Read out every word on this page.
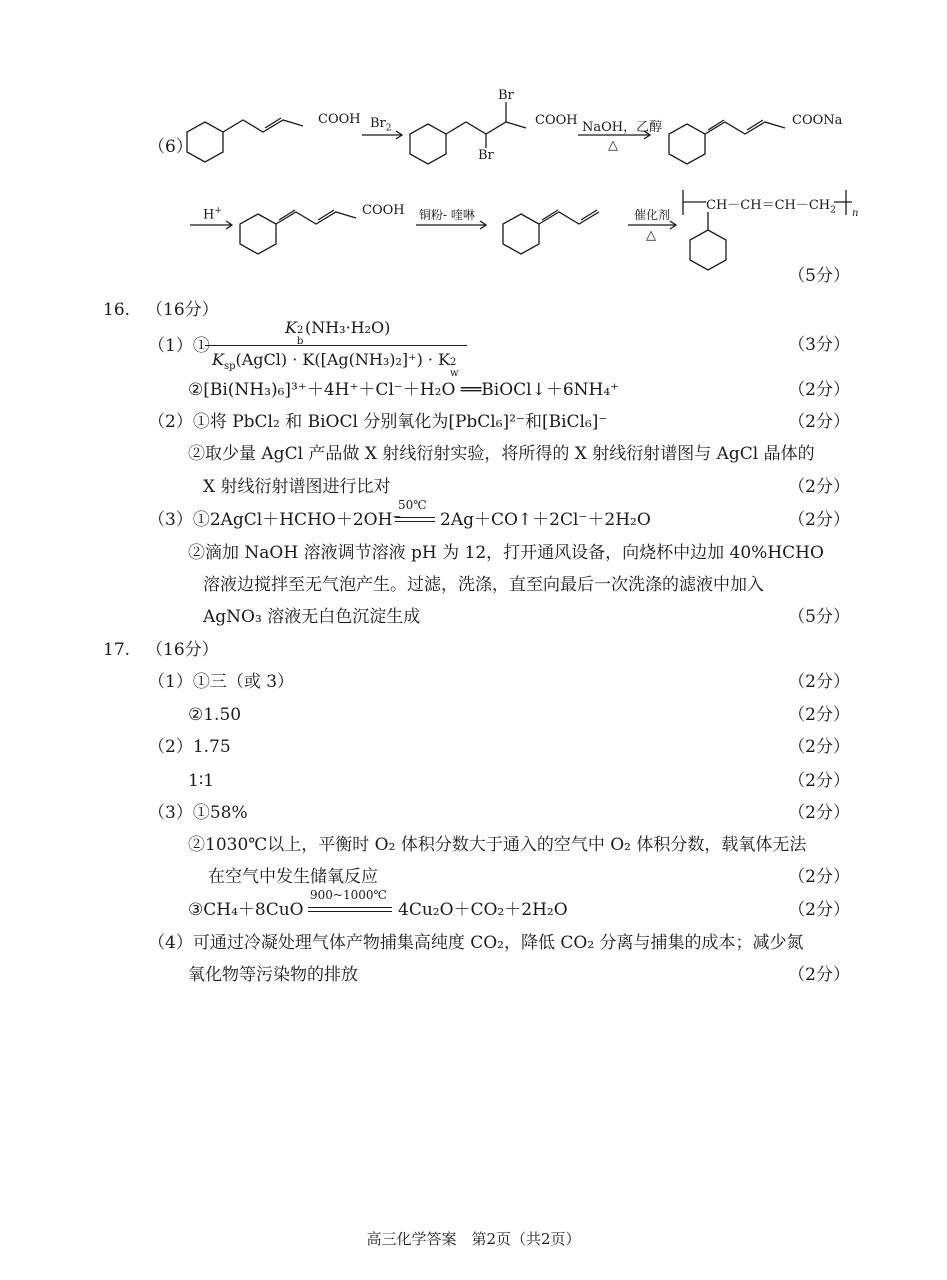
（6）
COOH $Br_2$
Br
Br
COOH NaOH，乙醇
△
COONa
H+	COOH 铜粉- 喹啉	催化剂
△
$CH-CH=CH-CH_2$ n
（5分）
16. （16分）
（1）①
K 2
b
(NH₃·H₂O)
$K_{sp}(AgCl) \cdot K([Ag(NH_3)_2]^+) \cdot K$ 2
w
（3分）
②[Bi(NH₃)₆]³⁺＋4H⁺＋Cl⁻＋H₂O ══BiOCl↓＋6NH₄⁺	（2分）
（2）①将 PbCl₂ 和 BiOCl 分别氧化为[PbCl₆]²⁻和[BiCl₆]⁻	（2分）
②取少量 AgCl 产品做 X 射线衍射实验，将所得的 X 射线衍射谱图与 AgCl 晶体的
X 射线衍射谱图进行比对	（2分）
（3）①2AgCl＋HCHO＋2OH⁻
50℃
2Ag＋CO↑＋2Cl⁻＋2H₂O	（2分）
②滴加 NaOH 溶液调节溶液 pH 为 12，打开通风设备，向烧杯中边加 40%HCHO
溶液边搅拌至无气泡产生。过滤，洗涤，直至向最后一次洗涤的滤液中加入
AgNO₃ 溶液无白色沉淀生成	（5分）
17. （16分）
（1）①三（或 3）	（2分）
②1.50	（2分）
（2）1.75	（2分）
1∶1	（2分）
（3）①58%	（2分）
②1030℃以上，平衡时 O₂ 体积分数大于通入的空气中 O₂ 体积分数，载氧体无法
在空气中发生储氧反应	（2分）
③CH₄＋8CuO
900~1000℃
4Cu₂O＋CO₂＋2H₂O	（2分）
（4）可通过冷凝处理气体产物捕集高纯度 CO₂，降低 CO₂ 分离与捕集的成本；减少氮
氧化物等污染物的排放	（2分）
高三化学答案　第2页（共2页）
